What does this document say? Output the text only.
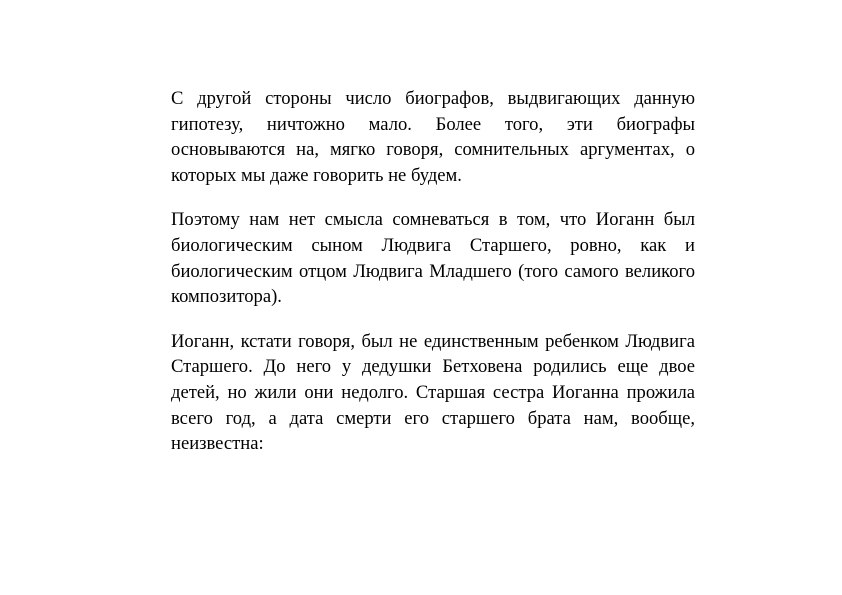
С другой стороны число биографов, выдвигающих данную гипотезу, ничтожно мало. Более того, эти биографы основываются на, мягко говоря, сомнительных аргументах, о которых мы даже говорить не будем.

Поэтому нам нет смысла сомневаться в том, что Иоганн был биологическим сыном Людвига Старшего, ровно, как и биологическим отцом Людвига Младшего (того самого великого композитора).

Иоганн, кстати говоря, был не единственным ребенком Людвига Старшего. До него у дедушки Бетховена родились еще двое детей, но жили они недолго. Старшая сестра Иоганна прожила всего год, а дата смерти его старшего брата нам, вообще, неизвестна:
